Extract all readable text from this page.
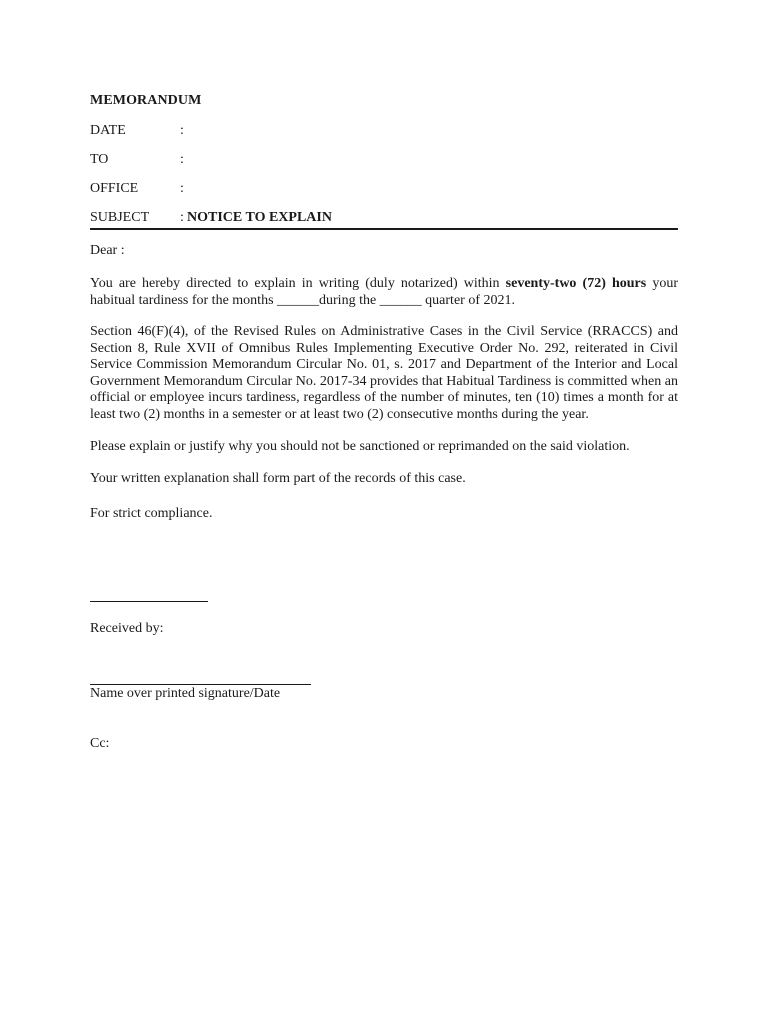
MEMORANDUM
DATE	:
TO	:
OFFICE	:
SUBJECT : NOTICE TO EXPLAIN
Dear :
You are hereby directed to explain in writing (duly notarized) within seventy-two (72) hours your habitual tardiness for the months ______during the ______ quarter of 2021.
Section 46(F)(4), of the Revised Rules on Administrative Cases in the Civil Service (RRACCS) and Section 8, Rule XVII of Omnibus Rules Implementing Executive Order No. 292, reiterated in Civil Service Commission Memorandum Circular No. 01, s. 2017 and Department of the Interior and Local Government Memorandum Circular No. 2017-34 provides that Habitual Tardiness is committed when an official or employee incurs tardiness, regardless of the number of minutes, ten (10) times a month for at least two (2) months in a semester or at least two (2) consecutive months during the year.
Please explain or justify why you should not be sanctioned or reprimanded on the said violation.
Your written explanation shall form part of the records of this case.
For strict compliance.
Received by:
Name over printed signature/Date
Cc:
